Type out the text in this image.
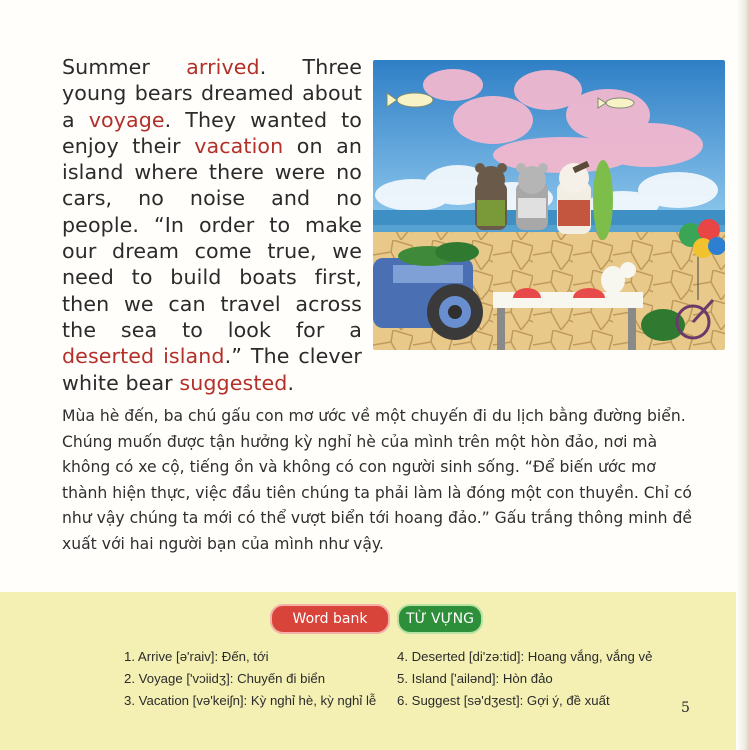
Summer arrived. Three young bears dreamed about a voyage. They wanted to enjoy their vacation on an island where there were no cars, no noise and no people. “In order to make our dream come true, we need to build boats first, then we can travel across the sea to look for a deserted island.” The clever white bear suggested.

Mùa hè đến, ba chú gấu con mơ ước về một chuyến đi du lịch bằng đường biển. Chúng muốn được tận hưởng kỳ nghỉ hè của mình trên một hòn đảo, nơi mà không có xe cộ, tiếng ồn và không có con người sinh sống. “Để biến ước mơ thành hiện thực, việc đầu tiên chúng ta phải làm là đóng một con thuyền. Chỉ có như vậy chúng ta mới có thể vượt biển tới hoang đảo.” Gấu trắng thông minh đề xuất với hai người bạn của mình như vậy.

Word bank	TỪ VỰNG
1. Arrive [ə'raiv]: Đến, tới
2. Voyage ['vɔiidʒ]: Chuyến đi biển
3. Vacation [və'keiʃn]: Kỳ nghỉ hè, kỳ nghỉ lễ
4. Deserted [di'zə:tid]: Hoang vắng, vắng vẻ
5. Island ['ailənd]: Hòn đảo
6. Suggest [sə'dʒest]: Gợi ý, đề xuất	5
